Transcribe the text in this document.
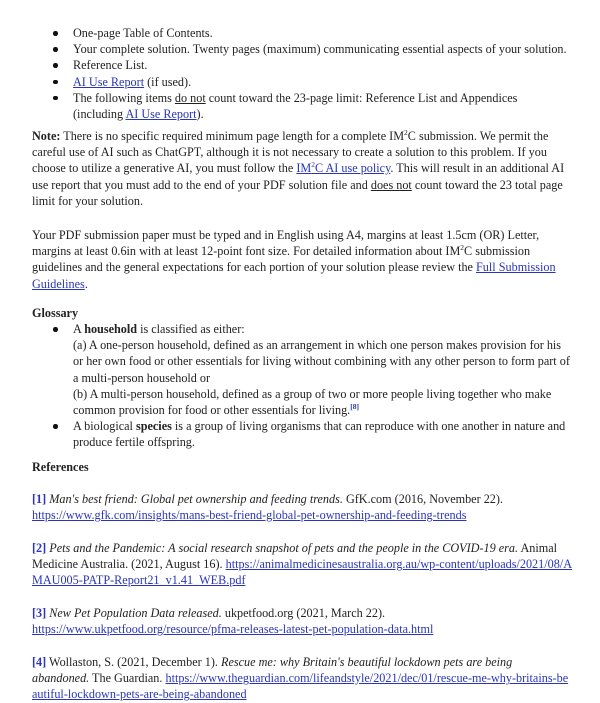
One-page Table of Contents.
Your complete solution. Twenty pages (maximum) communicating essential aspects of your solution.
Reference List.
AI Use Report (if used).
The following items do not count toward the 23-page limit: Reference List and Appendices (including AI Use Report).

Note: There is no specific required minimum page length for a complete $IM^2C$ submission. We permit the careful use of AI such as ChatGPT, although it is not necessary to create a solution to this problem. If you choose to utilize a generative AI, you must follow the $IM^2C$ AI use policy. This will result in an additional AI use report that you must add to the end of your PDF solution file and does not count toward the 23 total page limit for your solution.

Your PDF submission paper must be typed and in English using A4, margins at least 1.5cm (OR) Letter, margins at least 0.6in with at least 12-point font size. For detailed information about $IM^2C$ submission guidelines and the general expectations for each portion of your solution please review the Full Submission Guidelines.

Glossary
A household is classified as either:
(a) A one-person household, defined as an arrangement in which one person makes provision for his or her own food or other essentials for living without combining with any other person to form part of a multi-person household or
(b) A multi-person household, defined as a group of two or more people living together who make common provision for food or other essentials for living.[8]
A biological species is a group of living organisms that can reproduce with one another in nature and produce fertile offspring.
References

[1] Man's best friend: Global pet ownership and feeding trends. GfK.com (2016, November 22).
https://www.gfk.com/insights/mans-best-friend-global-pet-ownership-and-feeding-trends

[2] Pets and the Pandemic: A social research snapshot of pets and the people in the COVID-19 era. Animal Medicine Australia. (2021, August 16). https://animalmedicinesaustralia.org.au/wp-content/uploads/2021/08/AMAU005-PATP-Report21_v1.41_WEB.pdf

[3] New Pet Population Data released. ukpetfood.org (2021, March 22).
https://www.ukpetfood.org/resource/pfma-releases-latest-pet-population-data.html

[4] Wollaston, S. (2021, December 1). Rescue me: why Britain's beautiful lockdown pets are being abandoned. The Guardian. https://www.theguardian.com/lifeandstyle/2021/dec/01/rescue-me-why-britains-beautiful-lockdown-pets-are-being-abandoned
